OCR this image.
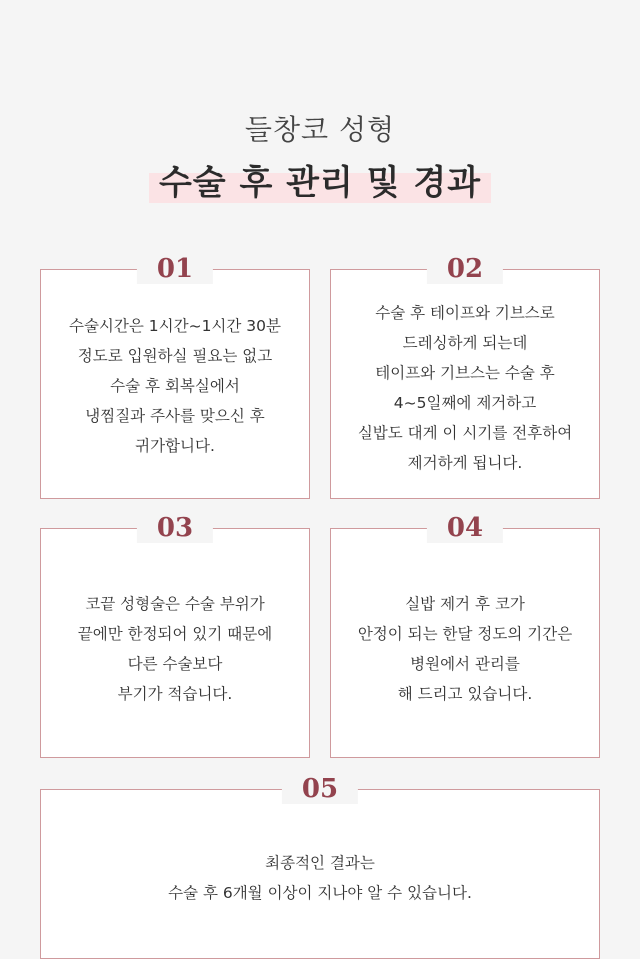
들창코 성형
수술 후 관리 및 경과
01
수술시간은 1시간~1시간 30분
정도로 입원하실 필요는 없고
수술 후 회복실에서
냉찜질과 주사를 맞으신 후
귀가합니다.
02
수술 후 테이프와 기브스로
드레싱하게 되는데
테이프와 기브스는 수술 후
4~5일째에 제거하고
실밥도 대게 이 시기를 전후하여
제거하게 됩니다.
03
코끝 성형술은 수술 부위가
끝에만 한정되어 있기 때문에
다른 수술보다
부기가 적습니다.
04
실밥 제거 후 코가
안정이 되는 한달 정도의 기간은
병원에서 관리를
해 드리고 있습니다.
05
최종적인 결과는
수술 후 6개월 이상이 지나야 알 수 있습니다.
